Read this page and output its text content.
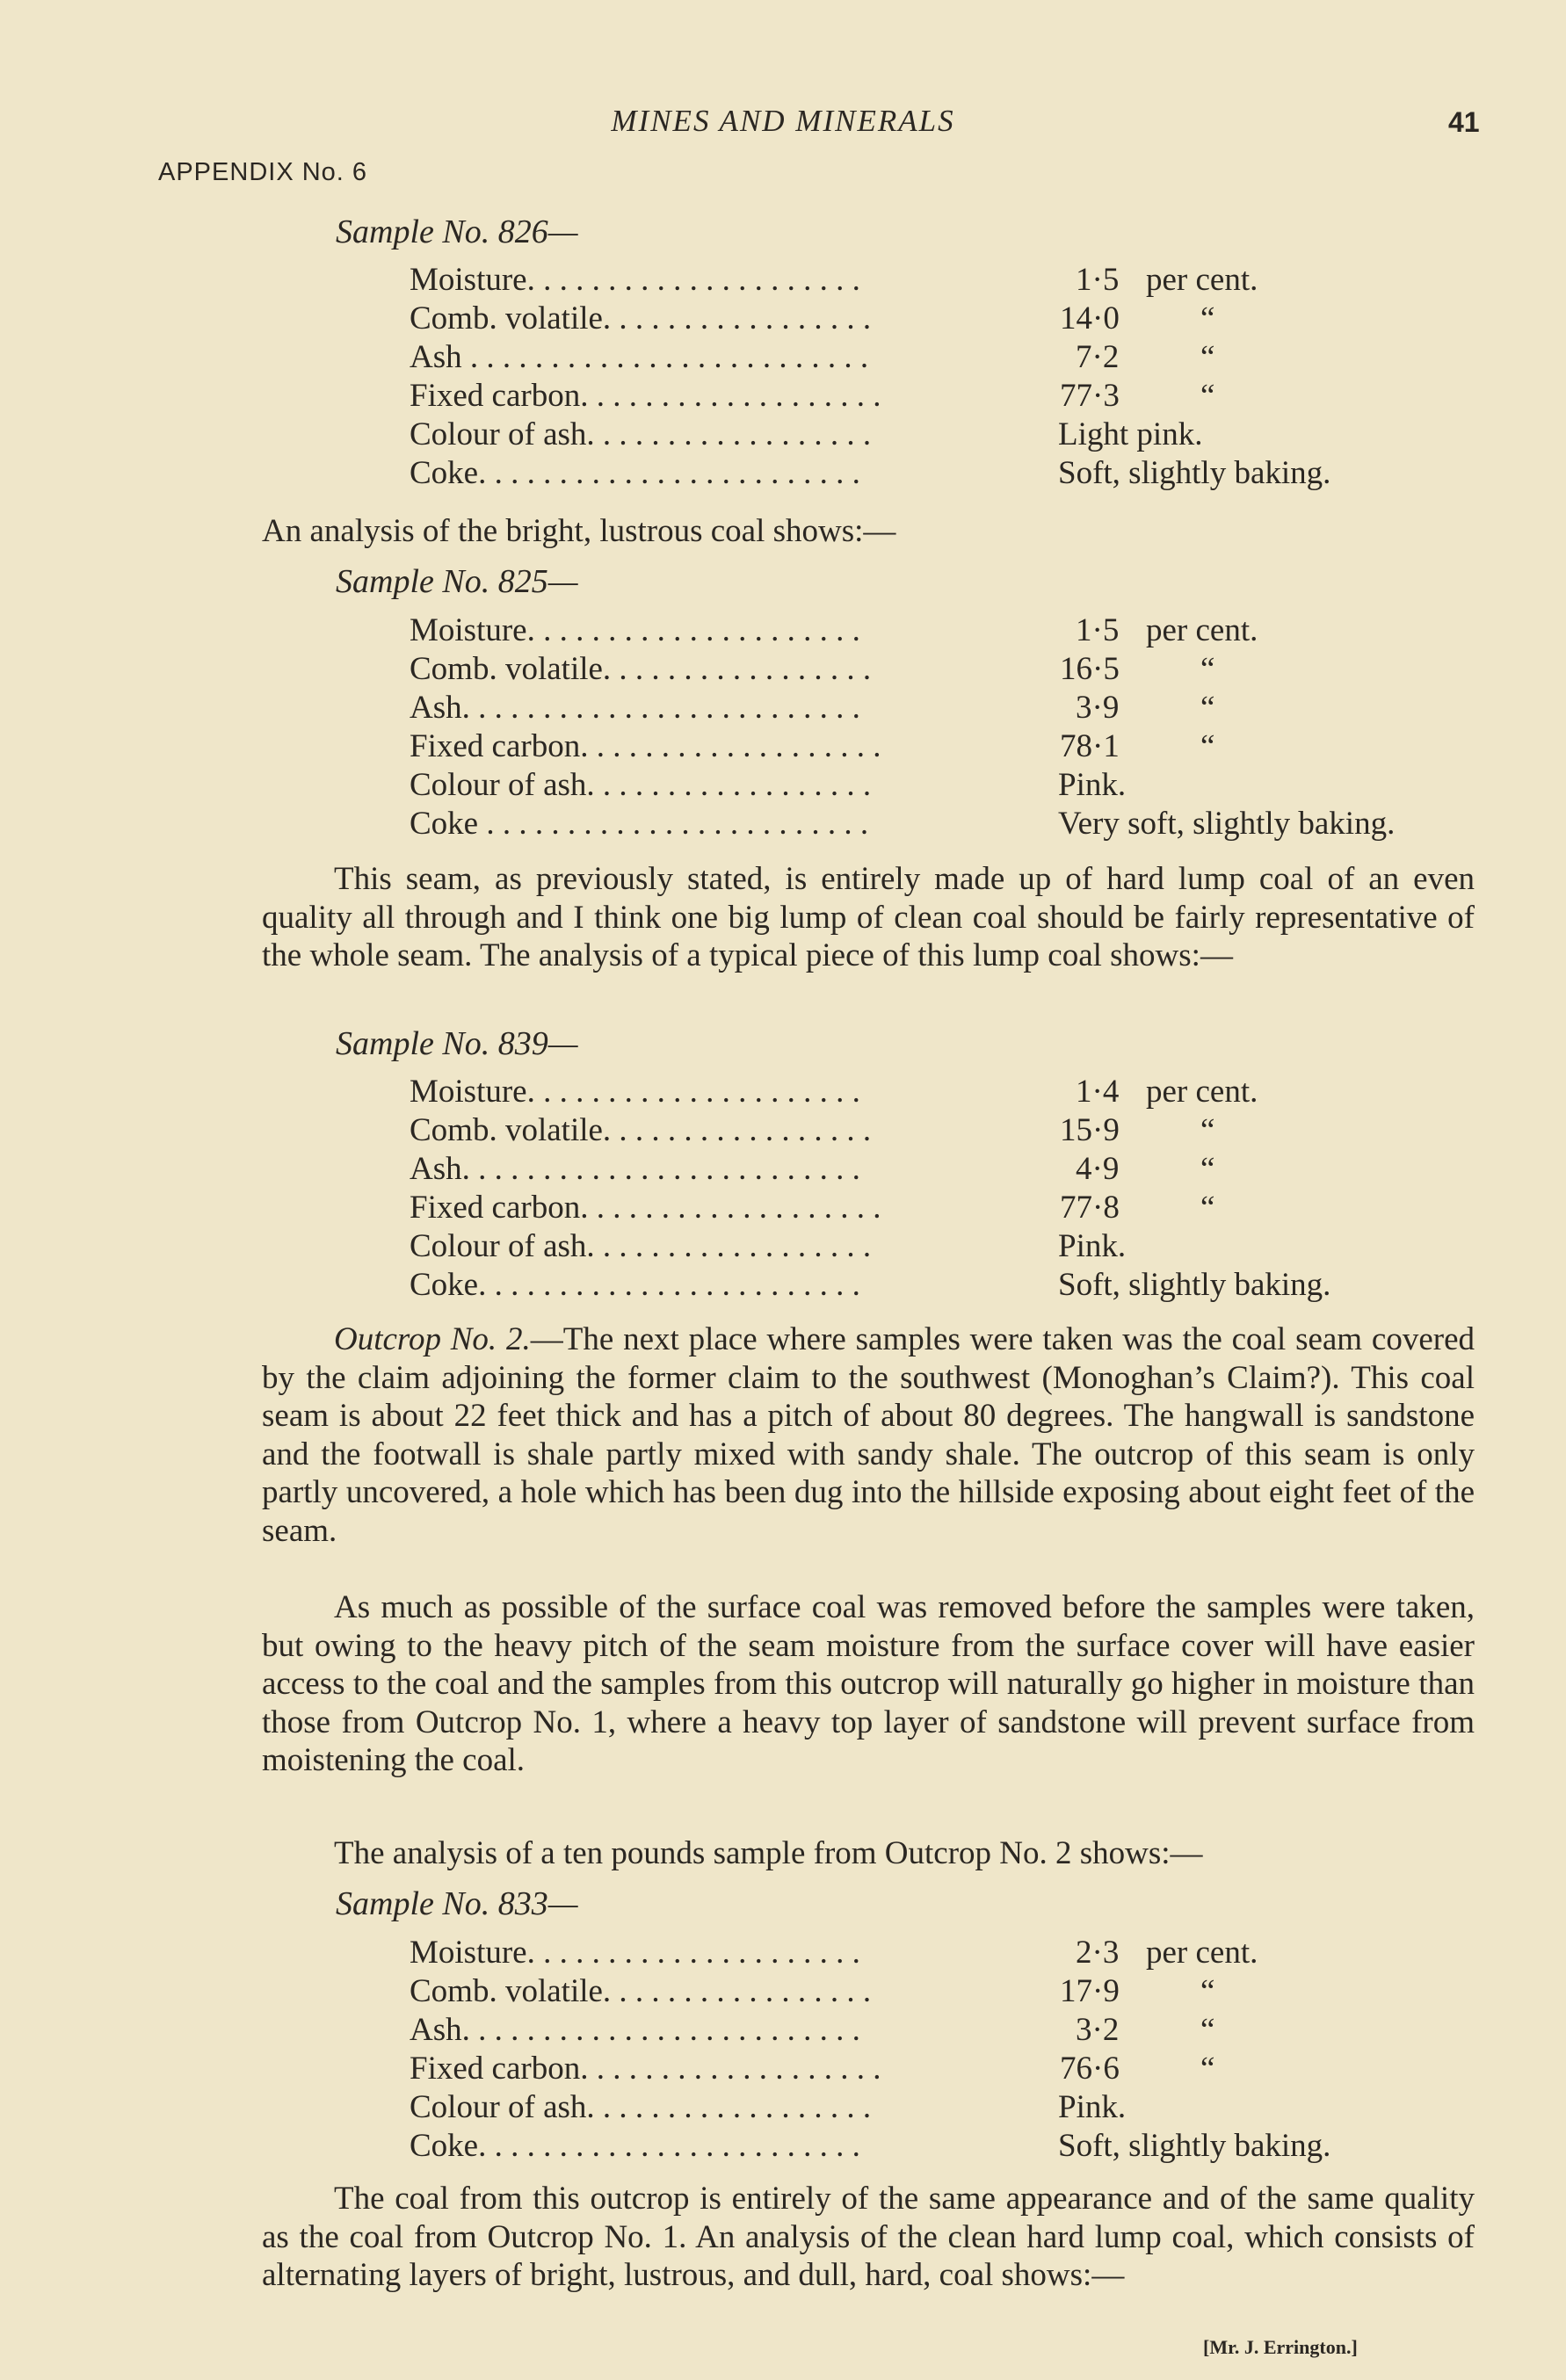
MINES AND MINERALS	41
APPENDIX No. 6
Sample No. 826—
Moisture. . . . . . . . . . . . . . . . . . . . .	1·5 per cent.
Comb. volatile. . . . . . . . . . . . . . . . .	14·0 “
Ash . . . . . . . . . . . . . . . . . . . . . . . . .	7·2	“
Fixed carbon. . . . . . . . . . . . . . . . . . .	77·3 “
Colour of ash. . . . . . . . . . . . . . . . . .	Light pink.
Coke. . . . . . . . . . . . . . . . . . . . . . . .	Soft, slightly baking.
An analysis of the bright, lustrous coal shows:—
Sample No. 825—
Moisture. . . . . . . . . . . . . . . . . . . . .	1·5 per cent.
Comb. volatile. . . . . . . . . . . . . . . . .	16·5 “
Ash. . . . . . . . . . . . . . . . . . . . . . . . .	3·9	“
Fixed carbon. . . . . . . . . . . . . . . . . . .	78·1 “
Colour of ash. . . . . . . . . . . . . . . . . .	Pink.
Coke . . . . . . . . . . . . . . . . . . . . . . . .	Very soft, slightly baking.
This seam, as previously stated, is entirely made up of hard lump coal of an even quality all through and I think one big lump of clean coal should be fairly representative of the whole seam. The analysis of a typical piece of this lump coal shows:—
Sample No. 839—
Moisture. . . . . . . . . . . . . . . . . . . . .	1·4 per cent.
Comb. volatile. . . . . . . . . . . . . . . . .	15·9 “
Ash. . . . . . . . . . . . . . . . . . . . . . . . .	4·9	“
Fixed carbon. . . . . . . . . . . . . . . . . . .	77·8 “
Colour of ash. . . . . . . . . . . . . . . . . .	Pink.
Coke. . . . . . . . . . . . . . . . . . . . . . . .	Soft, slightly baking.
Outcrop No. 2.—The next place where samples were taken was the coal seam covered by the claim adjoining the former claim to the southwest (Monoghan’s Claim?). This coal seam is about 22 feet thick and has a pitch of about 80 degrees. The hangwall is sandstone and the footwall is shale partly mixed with sandy shale. The outcrop of this seam is only partly uncovered, a hole which has been dug into the hillside exposing about eight feet of the seam.
As much as possible of the surface coal was removed before the samples were taken, but owing to the heavy pitch of the seam moisture from the surface cover will have easier access to the coal and the samples from this outcrop will naturally go higher in moisture than those from Outcrop No. 1, where a heavy top layer of sandstone will prevent surface from moistening the coal.
The analysis of a ten pounds sample from Outcrop No. 2 shows:—
Sample No. 833—
Moisture. . . . . . . . . . . . . . . . . . . . .	2·3 per cent.
Comb. volatile. . . . . . . . . . . . . . . . .	17·9 “
Ash. . . . . . . . . . . . . . . . . . . . . . . . .	3·2	“
Fixed carbon. . . . . . . . . . . . . . . . . . .	76·6 “
Colour of ash. . . . . . . . . . . . . . . . . .	Pink.
Coke. . . . . . . . . . . . . . . . . . . . . . . .	Soft, slightly baking.
The coal from this outcrop is entirely of the same appearance and of the same quality as the coal from Outcrop No. 1. An analysis of the clean hard lump coal, which consists of alternating layers of bright, lustrous, and dull, hard, coal shows:—
[Mr. J. Errington.]
